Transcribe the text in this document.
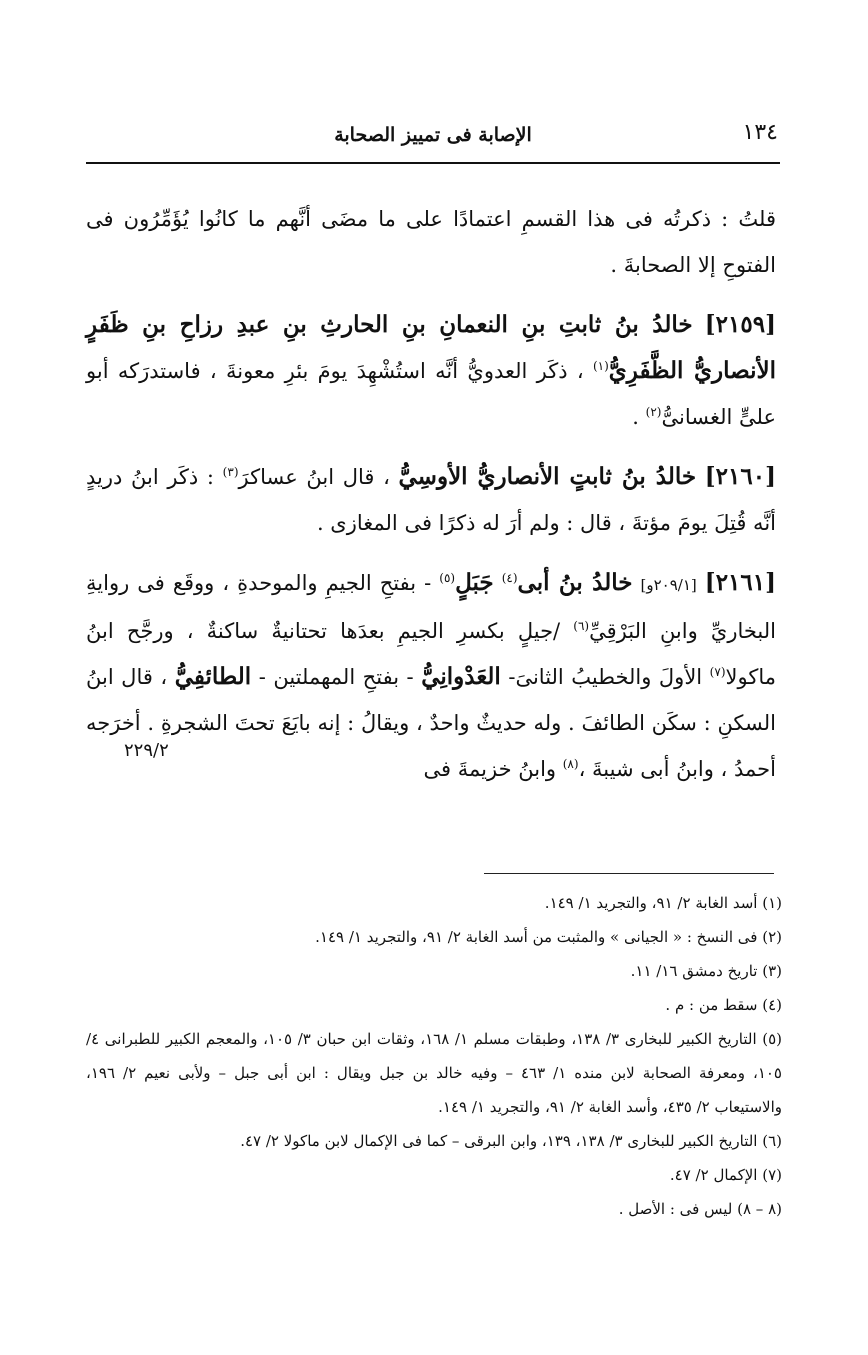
١٣٤
الإصابة فى تمييز الصحابة
٢٢٩/٢

قلتُ : ذكرتُه فى هذا القسمِ اعتمادًا على ما مضَى أنَّهم ما كانُوا يُؤَمِّرُون فى الفتوحِ إلا الصحابةَ .

[٢١٥٩] خالدُ بنُ ثابتِ بنِ النعمانِ بنِ الحارثِ بنِ عبدِ رزاحِ بنِ ظَفَرٍ الأنصاريُّ الظَّفَرِيُّ$^{(١)}$ ، ذكَر العدويُّ أنَّه استُشْهِدَ يومَ بئرِ معونةَ ، فاستدرَكه أبو علىٍّ الغسانىُّ$^{(٢)}$ .

[٢١٦٠] خالدُ بنُ ثابتٍ الأنصاريُّ الأوسِيُّ ، قال ابنُ عساكرَ$^{(٣)}$ : ذكَر ابنُ دريدٍ أنَّه قُتِلَ يومَ مؤتةَ ، قال : ولم أرَ له ذكرًا فى المغازى .

[٢١٦١] [٢٠٩/١و] خالدُ بنُ أبى$^{(٤)}$ جَبَلٍ$^{(٥)}$ - بفتحِ الجيمِ والموحدةِ ، ووقَع فى روايةِ البخاريِّ وابنِ البَرْقِيِّ$^{(٦)}$ /جيلٍ بكسرِ الجيمِ بعدَها تحتانيةٌ ساكنةٌ ، ورجَّح ابنُ ماكولا$^{(٧)}$ الأولَ والخطيبُ الثانىَ- العَدْوانِيُّ - بفتحِ المهملتين - الطائفِيُّ ، قال ابنُ السكنِ : سكَن الطائفَ . وله حديثٌ واحدٌ ، ويقالُ : إنه بايَعَ تحتَ الشجرةِ . أخرَجه أحمدُ ، وابنُ أبى شيبةَ ،$^{(٨)}$ وابنُ خزيمةَ فى

(١) أسد الغابة ٢/ ٩١، والتجريد ١/ ١٤٩.
(٢) فى النسخ : « الجيانى » والمثبت من أسد الغابة ٢/ ٩١، والتجريد ١/ ١٤٩.
(٣) تاريخ دمشق ١٦/ ١١.
(٤) سقط من : م .
(٥) التاريخ الكبير للبخارى ٣/ ١٣٨، وطبقات مسلم ١/ ١٦٨، وثقات ابن حبان ٣/ ١٠٥، والمعجم الكبير للطبرانى ٤/ ١٠٥، ومعرفة الصحابة لابن منده ١/ ٤٦٣ – وفيه خالد بن جبل ويقال : ابن أبى جبل – ولأبى نعيم ٢/ ١٩٦، والاستيعاب ٢/ ٤٣٥، وأسد الغابة ٢/ ٩١، والتجريد ١/ ١٤٩.
(٦) التاريخ الكبير للبخارى ٣/ ١٣٨، ١٣٩، وابن البرقى – كما فى الإكمال لابن ماكولا ٢/ ٤٧.
(٧) الإكمال ٢/ ٤٧.
(٨ – ٨) ليس فى : الأصل .
